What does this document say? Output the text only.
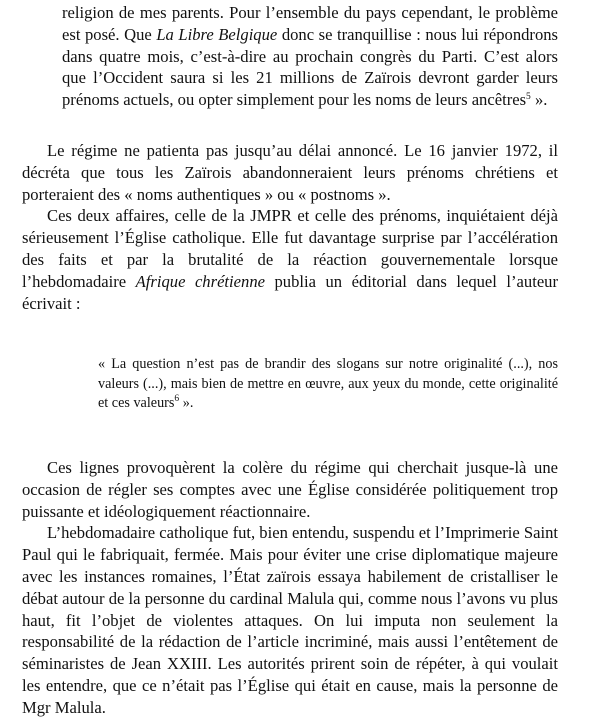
religion de mes parents. Pour l’ensemble du pays cependant, le problème est posé. Que La Libre Belgique donc se tranquillise : nous lui répondrons dans quatre mois, c’est-à-dire au prochain congrès du Parti. C’est alors que l’Occident saura si les 21 millions de Zaïrois devront garder leurs prénoms actuels, ou opter simplement pour les noms de leurs ancêtres$^5$ ».

Le régime ne patienta pas jusqu’au délai annoncé. Le 16 janvier 1972, il décréta que tous les Zaïrois abandonneraient leurs prénoms chrétiens et porteraient des « noms authentiques » ou « postnoms ».

Ces deux affaires, celle de la JMPR et celle des prénoms, inquiétaient déjà sérieusement l’Église catholique. Elle fut davantage surprise par l’accélération des faits et par la brutalité de la réaction gouvernementale lorsque l’hebdomadaire Afrique chrétienne publia un éditorial dans lequel l’auteur écrivait :

« La question n’est pas de brandir des slogans sur notre originalité (...), nos valeurs (...), mais bien de mettre en œuvre, aux yeux du monde, cette originalité et ces valeurs$^6$ ».

Ces lignes provoquèrent la colère du régime qui cherchait jusque-là une occasion de régler ses comptes avec une Église considérée politiquement trop puissante et idéologiquement réactionnaire.

L’hebdomadaire catholique fut, bien entendu, suspendu et l’Imprimerie Saint Paul qui le fabriquait, fermée. Mais pour éviter une crise diplomatique majeure avec les instances romaines, l’État zaïrois essaya habilement de cristalliser le débat autour de la personne du cardinal Malula qui, comme nous l’avons vu plus haut, fit l’objet de violentes attaques. On lui imputa non seulement la responsabilité de la rédaction de l’article incriminé, mais aussi l’entêtement de séminaristes de Jean XXIII. Les autorités prirent soin de répéter, à qui voulait les entendre, que ce n’était pas l’Église qui était en cause, mais la personne de Mgr Malula.
